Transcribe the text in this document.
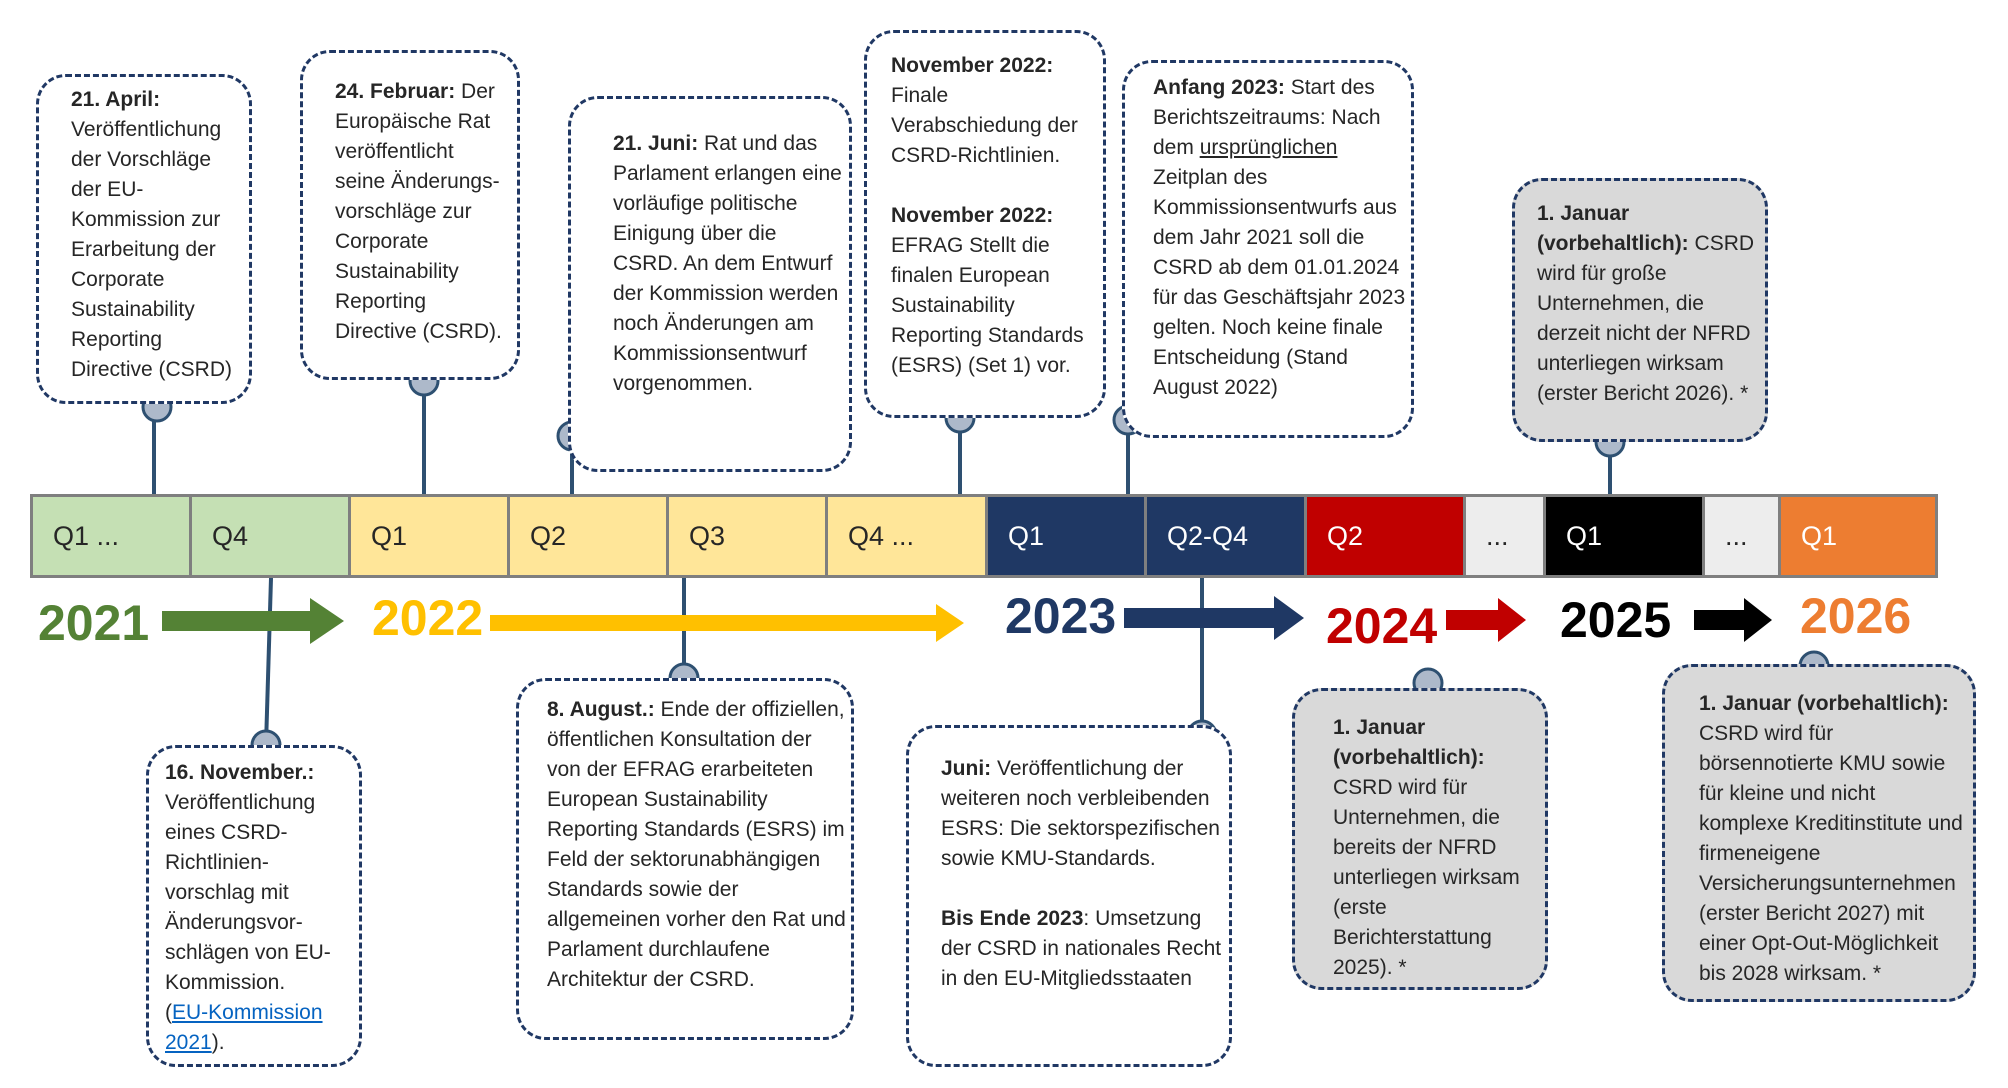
Q1 ...	Q4	Q1	Q2	Q3	Q4 ...	Q1	Q2-Q4	Q2	...	Q1	...	Q1
2021	2022	2023	2024 2025	2026

21. April:
Veröffentlichung der Vorschläge der EU-Kommission zur Erarbeitung der Corporate Sustainability Reporting Directive (CSRD)

24. Februar: Der Europäische Rat veröffentlicht seine Änderungs-vorschläge zur Corporate Sustainability Reporting Directive (CSRD).

21. Juni: Rat und das Parlament erlangen eine vorläufige politische Einigung über die CSRD. An dem Entwurf der Kommission werden noch Änderungen am Kommissionsentwurf vorgenommen.

November 2022:
Finale Verabschiedung der CSRD-Richtlinien.

November 2022:
EFRAG Stellt die finalen European Sustainability Reporting Standards (ESRS) (Set 1) vor.

Anfang 2023: Start des Berichtszeitraums: Nach dem ursprünglichen Zeitplan des Kommissionsentwurfs aus dem Jahr 2021 soll die CSRD ab dem 01.01.2024 für das Geschäftsjahr 2023 gelten. Noch keine finale Entscheidung (Stand August 2022)

1. Januar (vorbehaltlich): CSRD wird für große Unternehmen, die derzeit nicht der NFRD unterliegen wirksam (erster Bericht 2026). *

16. November.:
Veröffentlichung eines CSRD-Richtlinien-vorschlag mit Änderungsvor-schlägen von EU-Kommission.
(EU-Kommission 2021).

8. August.: Ende der offiziellen, öffentlichen Konsultation der von der EFRAG erarbeiteten European Sustainability Reporting Standards (ESRS) im Feld der sektorunabhängigen Standards sowie der allgemeinen vorher den Rat und Parlament durchlaufene Architektur der CSRD.

Juni: Veröffentlichung der weiteren noch verbleibenden ESRS: Die sektorspezifischen sowie KMU-Standards.

Bis Ende 2023: Umsetzung der CSRD in nationales Recht in den EU-Mitgliedsstaaten

1. Januar (vorbehaltlich):
CSRD wird für Unternehmen, die bereits der NFRD unterliegen wirksam (erste Berichterstattung 2025). *

1. Januar (vorbehaltlich):
CSRD wird für börsennotierte KMU sowie für kleine und nicht komplexe Kreditinstitute und firmeneigene Versicherungsunternehmen (erster Bericht 2027) mit einer Opt-Out-Möglichkeit bis 2028 wirksam. *
